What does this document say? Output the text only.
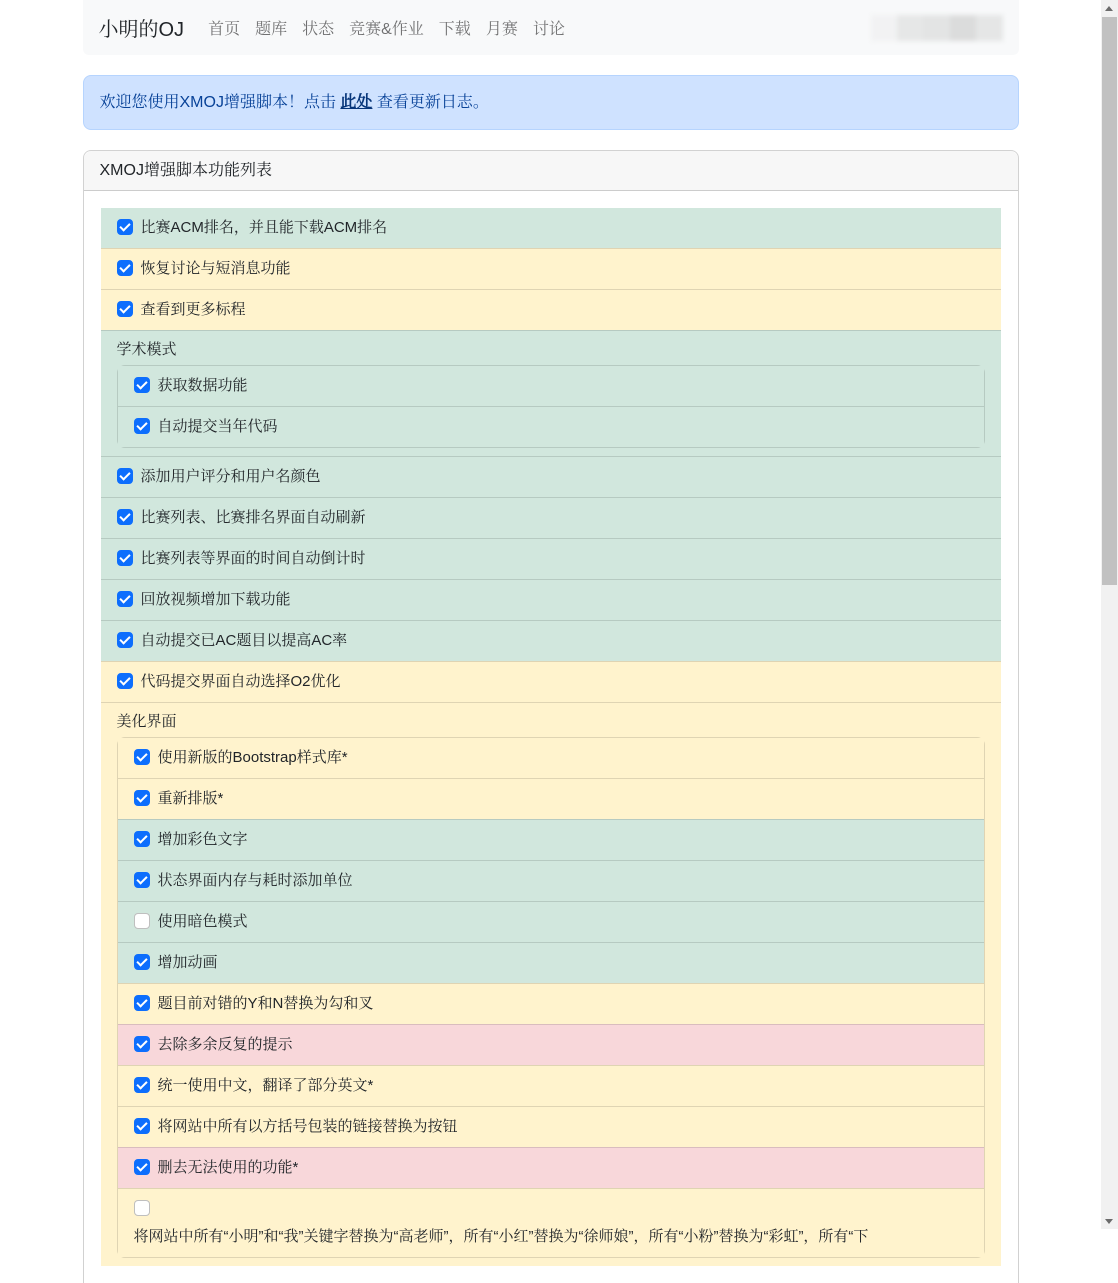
小明的OJ 首页 题库 状态 竞赛&作业 下载 月赛 讨论
欢迎您使用XMOJ增强脚本！点击 此处 查看更新日志。
XMOJ增强脚本功能列表
比赛ACM排名，并且能下载ACM排名
恢复讨论与短消息功能
查看到更多标程
学术模式
获取数据功能
自动提交当年代码
添加用户评分和用户名颜色
比赛列表、比赛排名界面自动刷新
比赛列表等界面的时间自动倒计时
回放视频增加下载功能
自动提交已AC题目以提高AC率
代码提交界面自动选择O2优化
美化界面
使用新版的Bootstrap样式库*
重新排版*
增加彩色文字
状态界面内存与耗时添加单位
使用暗色模式
增加动画
题目前对错的Y和N替换为勾和叉
去除多余反复的提示
统一使用中文，翻译了部分英文*
将网站中所有以方括号包装的链接替换为按钮
删去无法使用的功能*
将网站中所有“小明”和“我”关键字替换为“高老师”，所有“小红”替换为“徐师娘”，所有“小粉”替换为“彩虹”，所有“下
